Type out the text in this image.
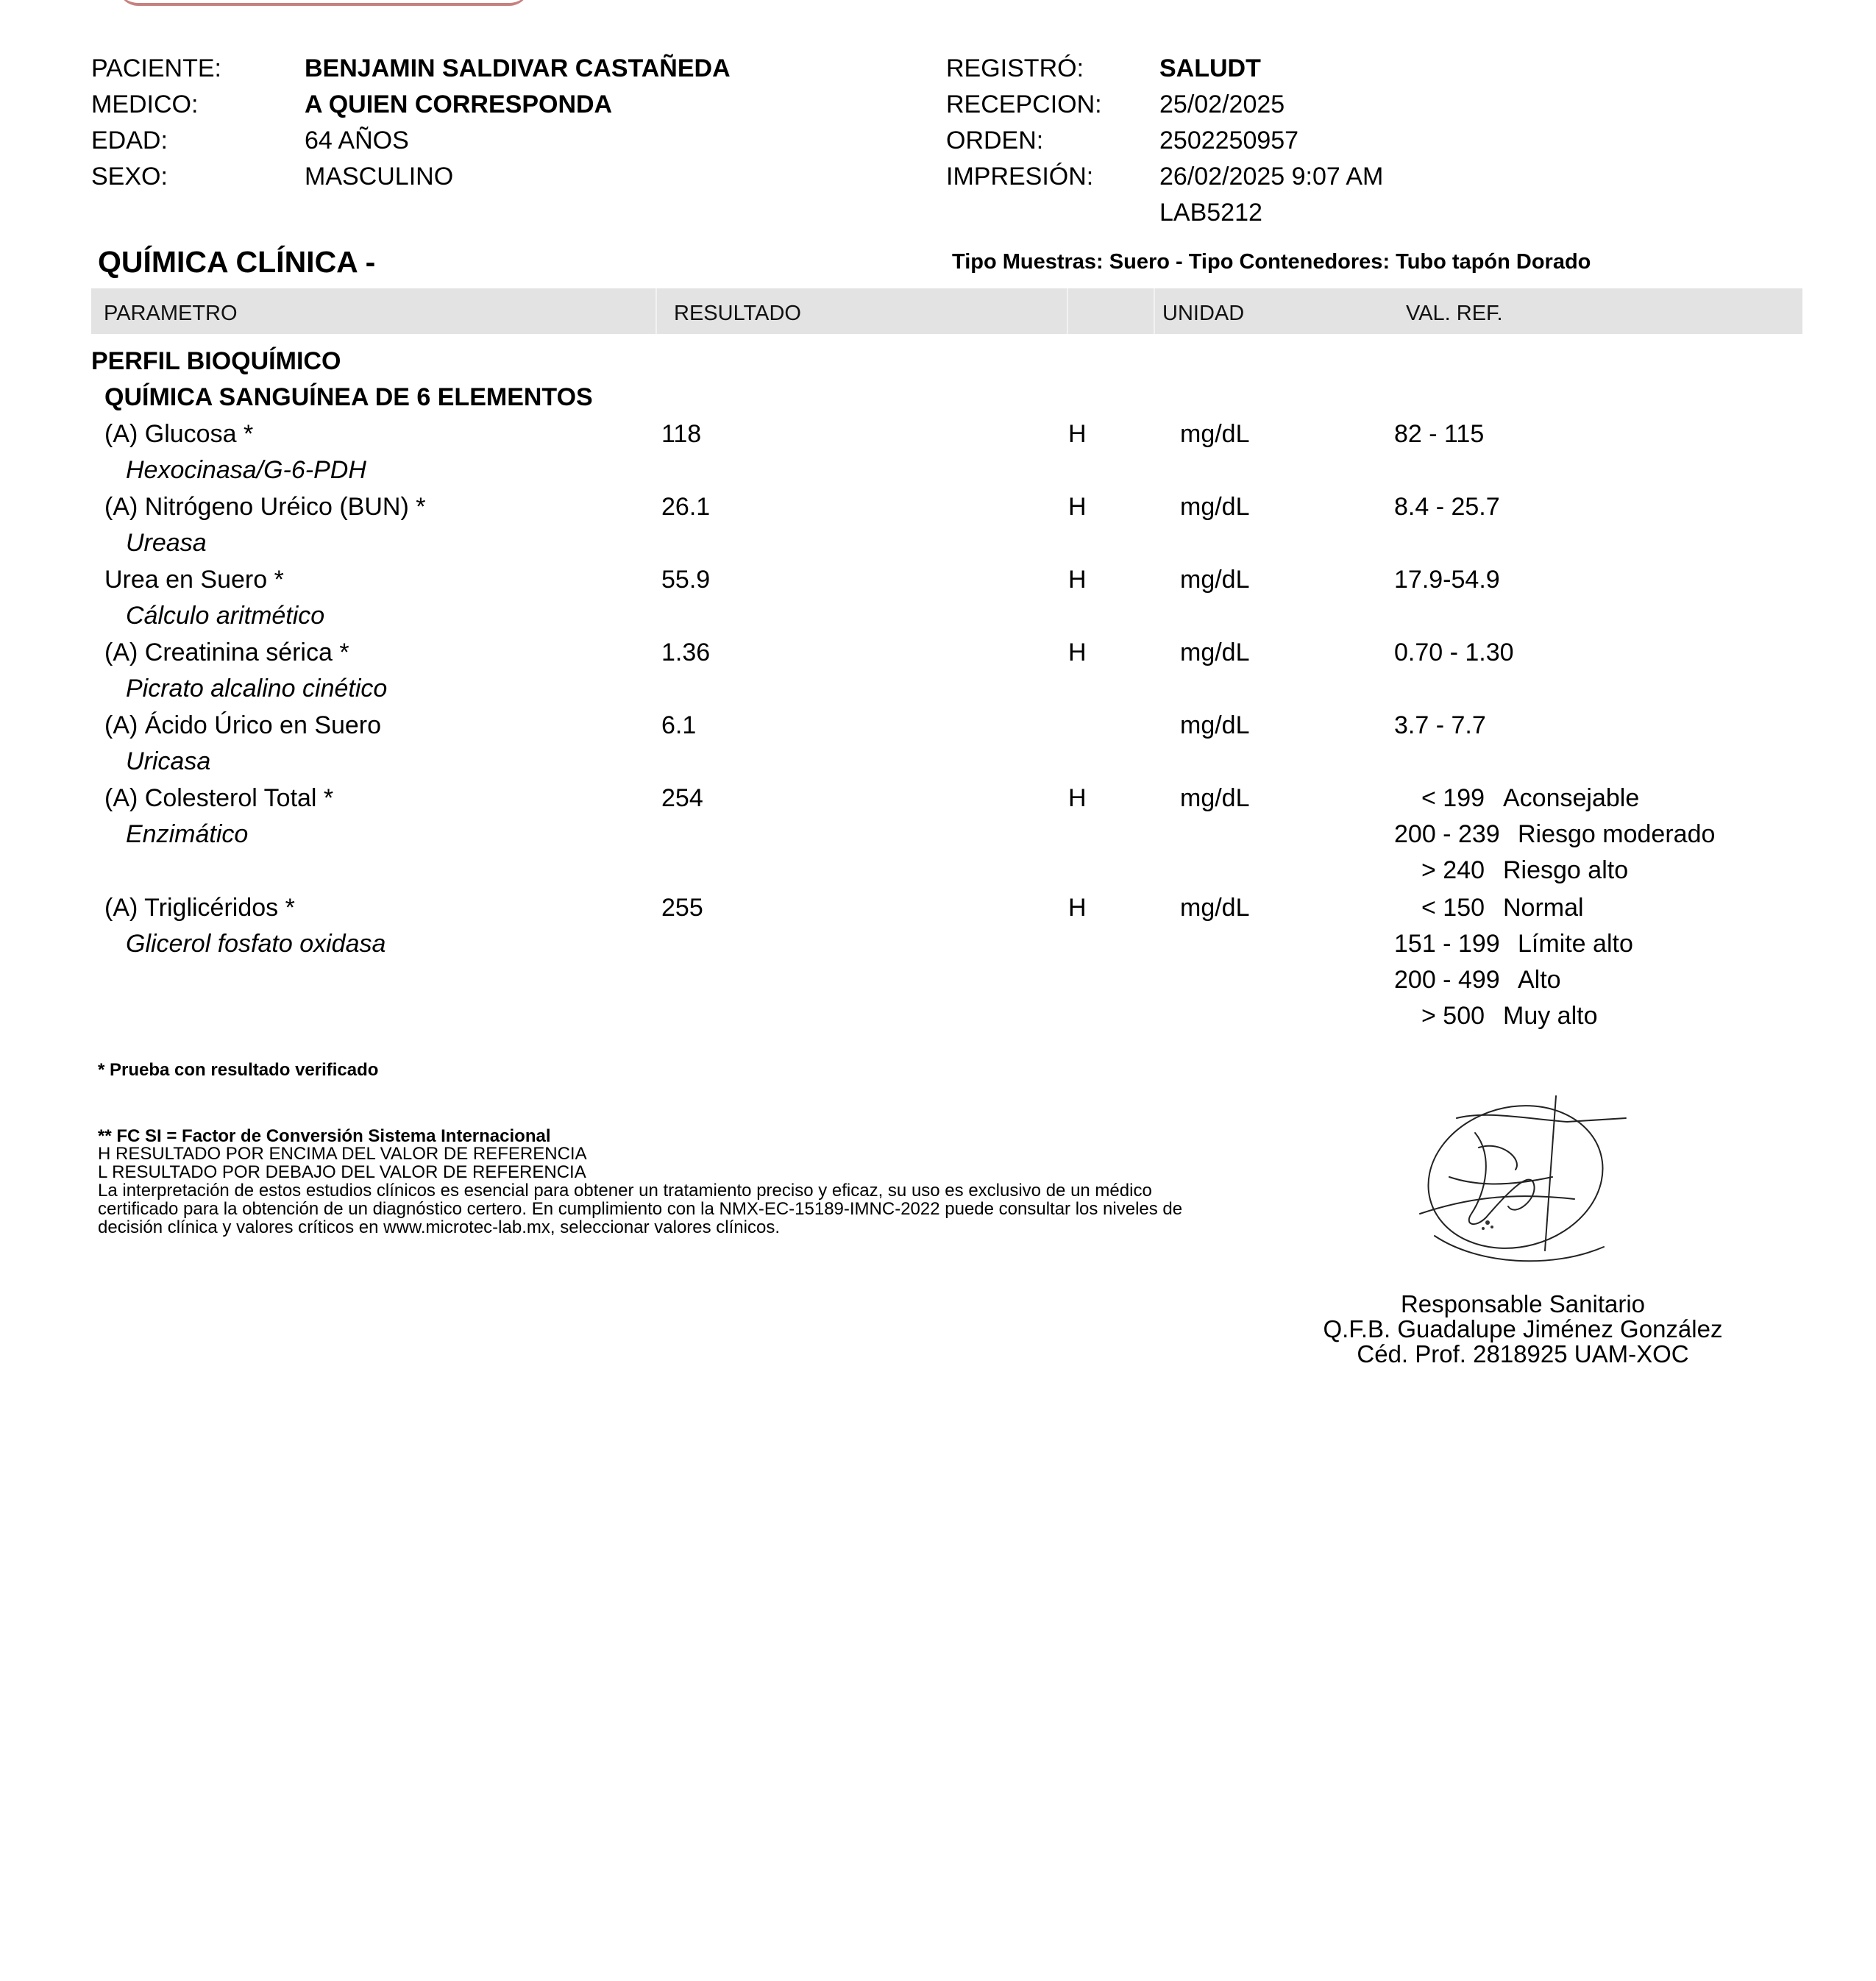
PACIENTE:	BENJAMIN SALDIVAR CASTAÑEDA
MEDICO:	A QUIEN CORRESPONDA
EDAD:	64 AÑOS
SEXO:	MASCULINO
REGISTRÓ:	SALUDT
RECEPCION: 25/02/2025
ORDEN:	2502250957
IMPRESIÓN:	26/02/2025 9:07 AM
LAB5212
QUÍMICA CLÍNICA -	Tipo Muestras: Suero - Tipo Contenedores: Tubo tapón Dorado
PARAMETRO	RESULTADO	UNIDAD	VAL. REF.
PERFIL BIOQUÍMICO
QUÍMICA SANGUÍNEA DE 6 ELEMENTOS
(A) Glucosa *
Hexocinasa/G-6-PDH
118	H	mg/dL	82 - 115
(A) Nitrógeno Uréico (BUN) *
Ureasa
26.1	H	mg/dL	8.4 - 25.7
Urea en Suero *
Cálculo aritmético
55.9	H	mg/dL	17.9-54.9
(A) Creatinina sérica *
Picrato alcalino cinético
1.36	H	mg/dL	0.70 - 1.30
(A) Ácido Úrico en Suero
Uricasa
6.1	mg/dL	3.7 - 7.7
(A) Colesterol Total *
Enzimático
254	H	mg/dL	< 199 Aconsejable
200 - 239 Riesgo moderado
> 240 Riesgo alto
(A) Triglicéridos *
Glicerol fosfato oxidasa
255	H	mg/dL	< 150 Normal
151 - 199 Límite alto
200 - 499 Alto
> 500 Muy alto
* Prueba con resultado verificado
** FC SI = Factor de Conversión Sistema Internacional
H RESULTADO POR ENCIMA DEL VALOR DE REFERENCIA
L RESULTADO POR DEBAJO DEL VALOR DE REFERENCIA
La interpretación de estos estudios clínicos es esencial para obtener un tratamiento preciso y eficaz, su uso es exclusivo de un médico
certificado para la obtención de un diagnóstico certero. En cumplimiento con la NMX-EC-15189-IMNC-2022 puede consultar los niveles de
decisión clínica y valores críticos en www.microtec-lab.mx, seleccionar valores clínicos.
Responsable Sanitario
Q.F.B. Guadalupe Jiménez González
Céd. Prof. 2818925 UAM-XOC
